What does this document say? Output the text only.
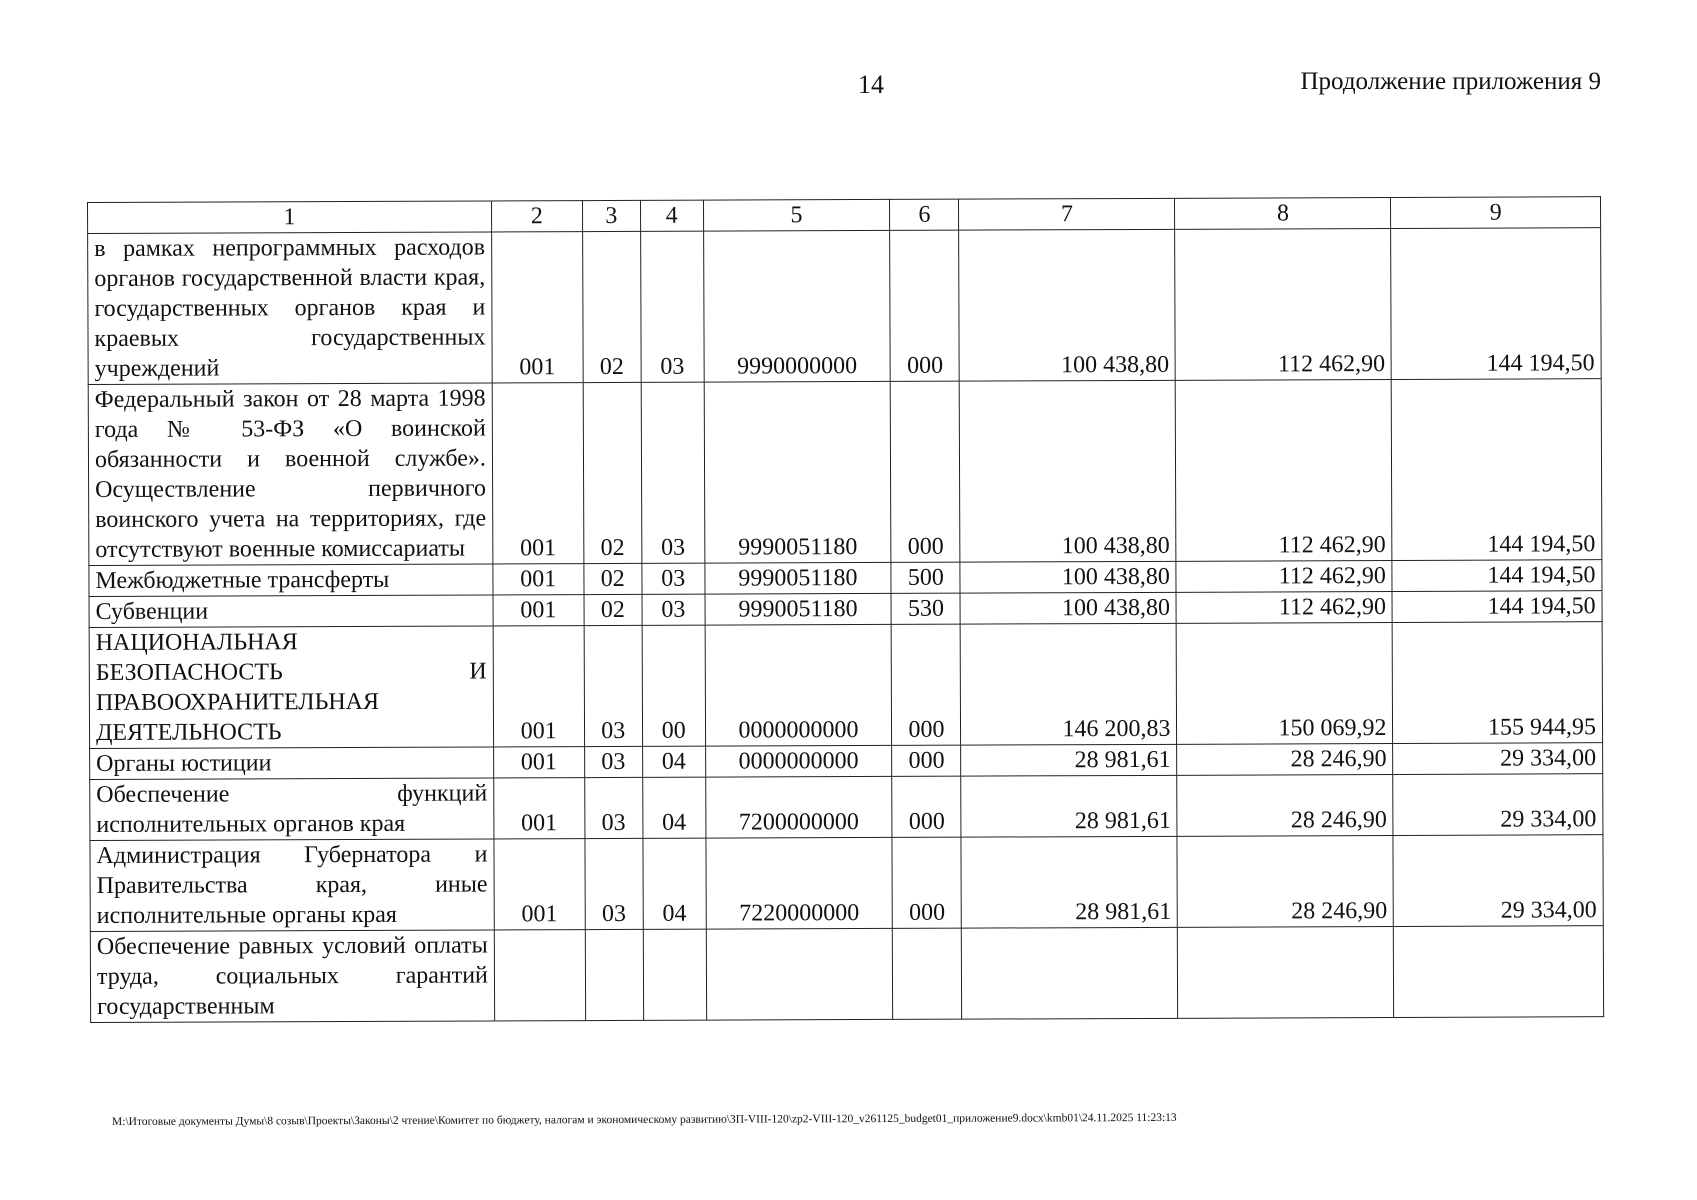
14	Продолжение приложения 9
1	2	3	4	5	6	7	8	9
в рамках непрограммных расходов органов государственной власти края, государственных органов края и краевых государственных учреждений	001	02	03	9990000000	000	100 438,80	112 462,90	144 194,50
Федеральный закон от 28 марта 1998 года № 53-ФЗ «О воинской обязанности и военной службе». Осуществление первичного воинского учета на территориях, где отсутствуют военные комиссариаты	001	02	03	9990051180	000	100 438,80	112 462,90	144 194,50
Межбюджетные трансферты	001	02	03	9990051180	500	100 438,80	112 462,90	144 194,50
Субвенции	001	02	03	9990051180	530	100 438,80	112 462,90	144 194,50
НАЦИОНАЛЬНАЯ БЕЗОПАСНОСТЬ И ПРАВООХРАНИТЕЛЬНАЯ ДЕЯТЕЛЬНОСТЬ	001	03	00	0000000000	000	146 200,83	150 069,92	155 944,95
Органы юстиции	001	03	04	0000000000	000	28 981,61	28 246,90	29 334,00
Обеспечение функций исполнительных органов края	001	03	04	7200000000	000	28 981,61	28 246,90	29 334,00
Администрация Губернатора и Правительства края, иные исполнительные органы края	001	03	04	7220000000	000	28 981,61	28 246,90	29 334,00
Обеспечение равных условий оплаты труда, социальных гарантий государственным								
M:\Итоговые документы Думы\8 созыв\Проекты\Законы\2 чтение\Комитет по бюджету, налогам и экономическому развитию\ЗП-VIII-120\zp2-VIII-120_v261125_budget01_приложение9.docx\kmb01\24.11.2025 11:23:13
